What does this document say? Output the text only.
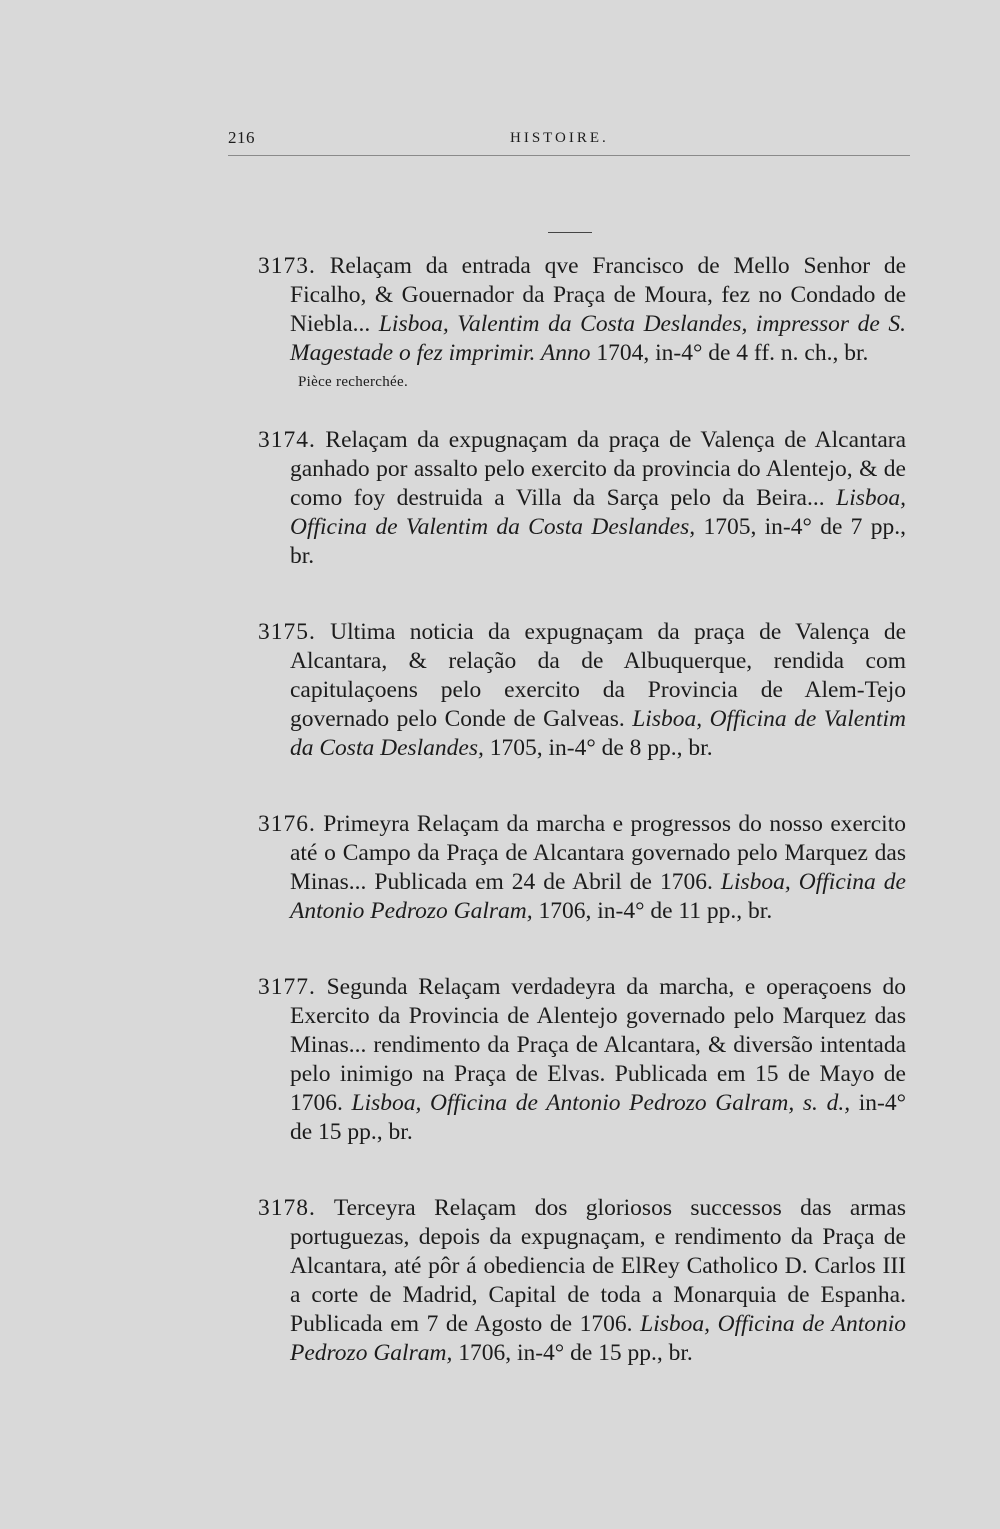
216	HISTOIRE.

3173. Relaçam da entrada qve Francisco de Mello Senhor de Ficalho, & Gouernador da Praça de Moura, fez no Condado de Niebla... Lisboa, Valentim da Costa Deslandes, impressor de S. Magestade o fez imprimir. Anno 1704, in-4° de 4 ff. n. ch., br.

Pièce recherchée.

3174. Relaçam da expugnaçam da praça de Valença de Alcantara ganhado por assalto pelo exercito da provincia do Alentejo, & de como foy destruida a Villa da Sarça pelo da Beira... Lisboa, Officina de Valentim da Costa Deslandes, 1705, in-4° de 7 pp., br.

3175. Ultima noticia da expugnaçam da praça de Valença de Alcantara, & relação da de Albuquerque, rendida com capitulaçoens pelo exercito da Provincia de Alem-Tejo governado pelo Conde de Galveas. Lisboa, Officina de Valentim da Costa Deslandes, 1705, in-4° de 8 pp., br.

3176. Primeyra Relaçam da marcha e progressos do nosso exercito até o Campo da Praça de Alcantara governado pelo Marquez das Minas... Publicada em 24 de Abril de 1706. Lisboa, Officina de Antonio Pedrozo Galram, 1706, in-4° de 11 pp., br.

3177. Segunda Relaçam verdadeyra da marcha, e operaçoens do Exercito da Provincia de Alentejo governado pelo Marquez das Minas... rendimento da Praça de Alcantara, & diversão intentada pelo inimigo na Praça de Elvas. Publicada em 15 de Mayo de 1706. Lisboa, Officina de Antonio Pedrozo Galram, s. d., in-4° de 15 pp., br.

3178. Terceyra Relaçam dos gloriosos successos das armas portuguezas, depois da expugnaçam, e rendimento da Praça de Alcantara, até pôr á obediencia de ElRey Catholico D. Carlos III a corte de Madrid, Capital de toda a Monarquia de Espanha. Publicada em 7 de Agosto de 1706. Lisboa, Officina de Antonio Pedrozo Galram, 1706, in-4° de 15 pp., br.
